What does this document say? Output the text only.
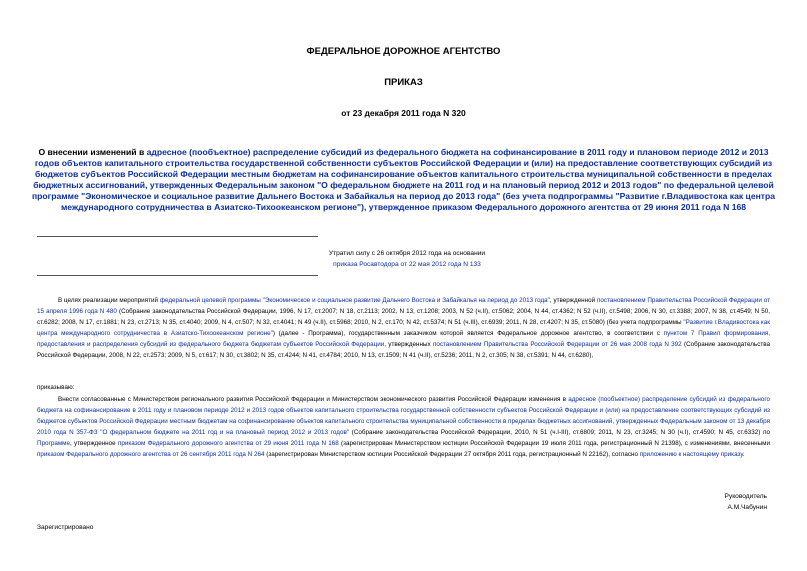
ФЕДЕРАЛЬНОЕ ДОРОЖНОЕ АГЕНТСТВО
ПРИКАЗ
от 23 декабря 2011 года N 320
О внесении изменений в адресное (пообъектное) распределение субсидий из федерального бюджета на софинансирование в 2011 году и плановом периоде 2012 и 2013 годов объектов капитального строительства государственной собственности субъектов Российской Федерации и (или) на предоставление соответствующих субсидий из бюджетов субъектов Российской Федерации местным бюджетам на софинансирование объектов капитального строительства муниципальной собственности в пределах бюджетных ассигнований, утвержденных Федеральным законом "О федеральном бюджете на 2011 год и на плановый период 2012 и 2013 годов" по федеральной целевой программе "Экономическое и социальное развитие Дальнего Востока и Забайкалья на период до 2013 года" (без учета подпрограммы "Развитие г.Владивостока как центра международного сотрудничества в Азиатско-Тихоокеанском регионе"), утвержденное приказом Федерального дорожного агентства от 29 июня 2011 года N 168
Утратил силу с 26 октября 2012 года на основании
приказа Росавтодора от 22 мая 2012 года N 133
В целях реализации мероприятий федеральной целевой программы "Экономическое и социальное развитие Дальнего Востока и Забайкалья на период до 2013 года", утвержденной постановлением Правительства Российской Федерации от 15 апреля 1996 года N 480 (Собрание законодательства Российской Федерации, 1996, N 17, ст.2007; N 18, ст.2113; 2002, N 13, ст.1208; 2003, N 52 (ч.II), ст.5062; 2004, N 44, ст.4362; N 52 (ч.II), ст.5498; 2006, N 30, ст.3388; 2007, N 38, ст.4549; N 50, ст.6282; 2008, N 17, ст.1881; N 23, ст.2713; N 35, ст.4040; 2009, N 4, ст.507; N 32, ст.4041; N 49 (ч.II), ст.5968; 2010, N 2, ст.170; N 42, ст.5374; N 51 (ч.III), ст.6939; 2011, N 28, ст.4207; N 35, ст.5080) (без учета подпрограммы "Развитие г.Владивостока как центра международного сотрудничества в Азиатско-Тихоокеанском регионе") (далее - Программа), государственным заказчиком которой является Федеральное дорожное агентство, в соответствии с пунктом 7 Правил формирования, предоставления и распределения субсидий из федерального бюджета бюджетам субъектов Российской Федерации, утвержденных постановлением Правительства Российской Федерации от 26 мая 2008 года N 392 (Собрание законодательства Российской Федерации, 2008, N 22, ст.2573; 2009, N 5, ст.617; N 30, ст.3802; N 35, ст.4244; N 41, ст.4784; 2010, N 13, ст.1509; N 41 (ч.II), ст.5236; 2011, N 2, ст.305; N 38, ст.5391; N 44, ст.6280),
приказываю:
Внести согласованные с Министерством регионального развития Российской Федерации и Министерством экономического развития Российской Федерации изменения в адресное (пообъектное) распределение субсидий из федерального бюджета на софинансирование в 2011 году и плановом периоде 2012 и 2013 годов объектов капитального строительства государственной собственности субъектов Российской Федерации и (или) на предоставление соответствующих субсидий из бюджетов субъектов Российской Федерации местным бюджетам на софинансирование объектов капитального строительства муниципальной собственности в пределах бюджетных ассигнований, утвержденных Федеральным законом от 13 декабря 2010 года N 357-ФЗ "О федеральном бюджете на 2011 год и на плановый период 2012 и 2013 годов" (Собрание законодательства Российской Федерации, 2010, N 51 (ч.I-III), ст.6809; 2011, N 23, ст.3245; N 30 (ч.I), ст.4590; N 45, ст.6332) по Программе, утвержденное приказом Федерального дорожного агентства от 29 июня 2011 года N 168 (зарегистрирован Министерством юстиции Российской Федерации 19 июля 2011 года, регистрационный N 21398), с изменениями, внесенными приказом Федерального дорожного агентства от 26 сентября 2011 года N 264 (зарегистрирован Министерством юстиции Российской Федерации 27 октября 2011 года, регистрационный N 22162), согласно приложению к настоящему приказу.
Руководитель
А.М.Чабунин
Зарегистрировано
